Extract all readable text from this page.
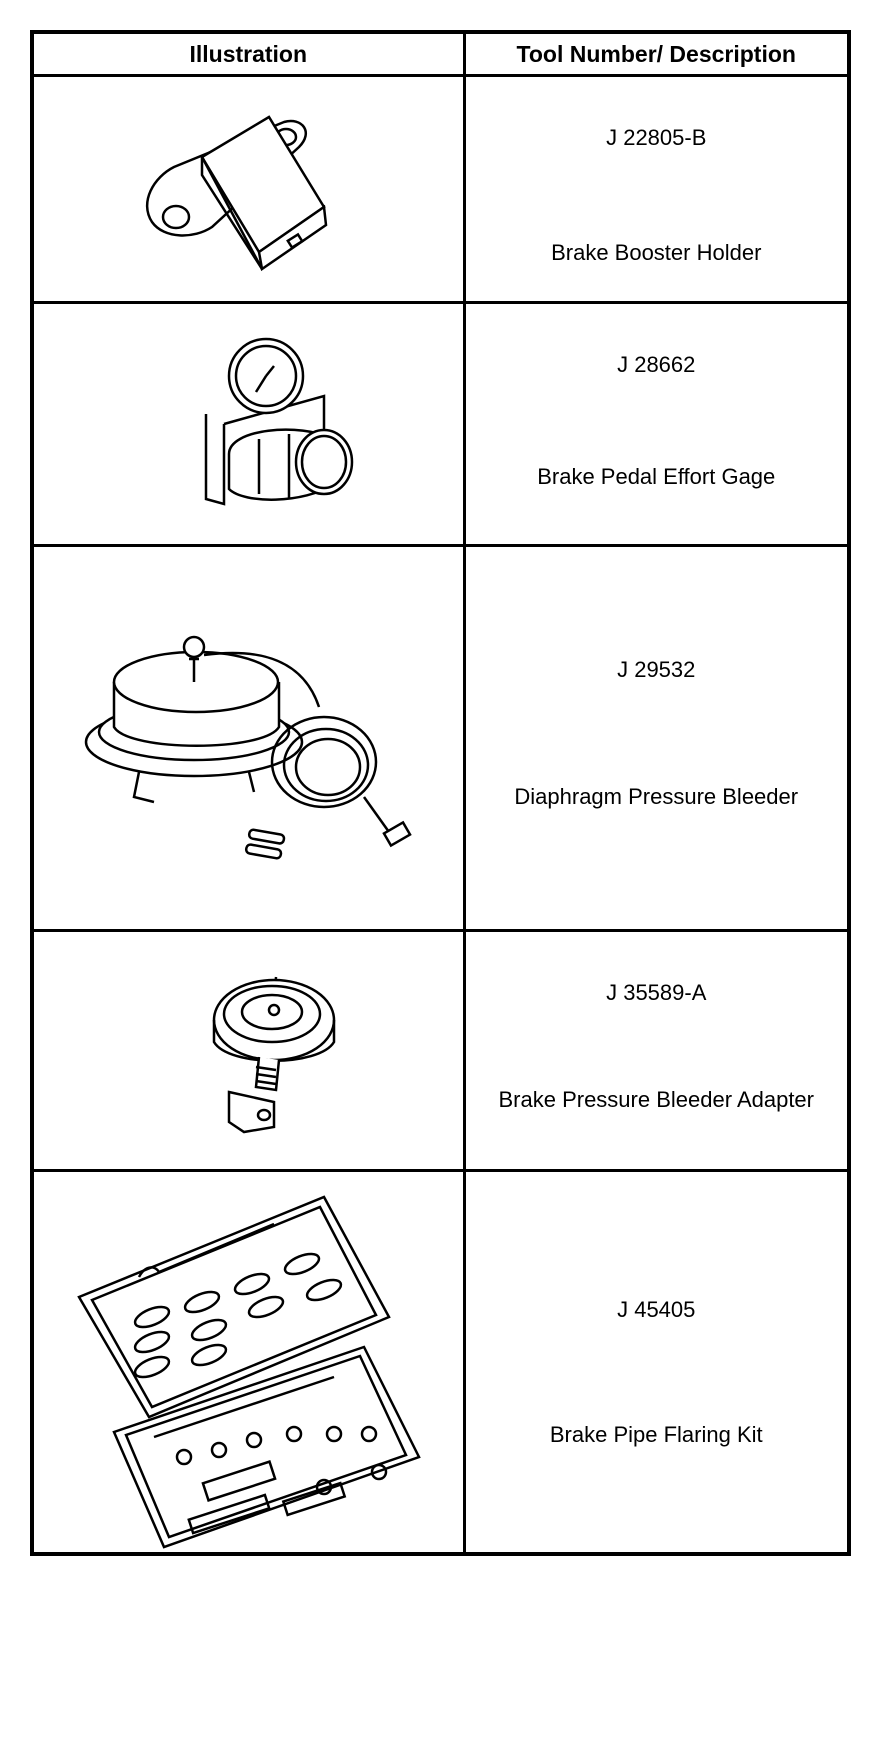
Illustration	Tool Number/ Description

J 22805-B
Brake Booster Holder

J 28662
Brake Pedal Effort Gage

J 29532
Diaphragm Pressure Bleeder

J 35589-A
Brake Pressure Bleeder Adapter

J 45405
Brake Pipe Flaring Kit
